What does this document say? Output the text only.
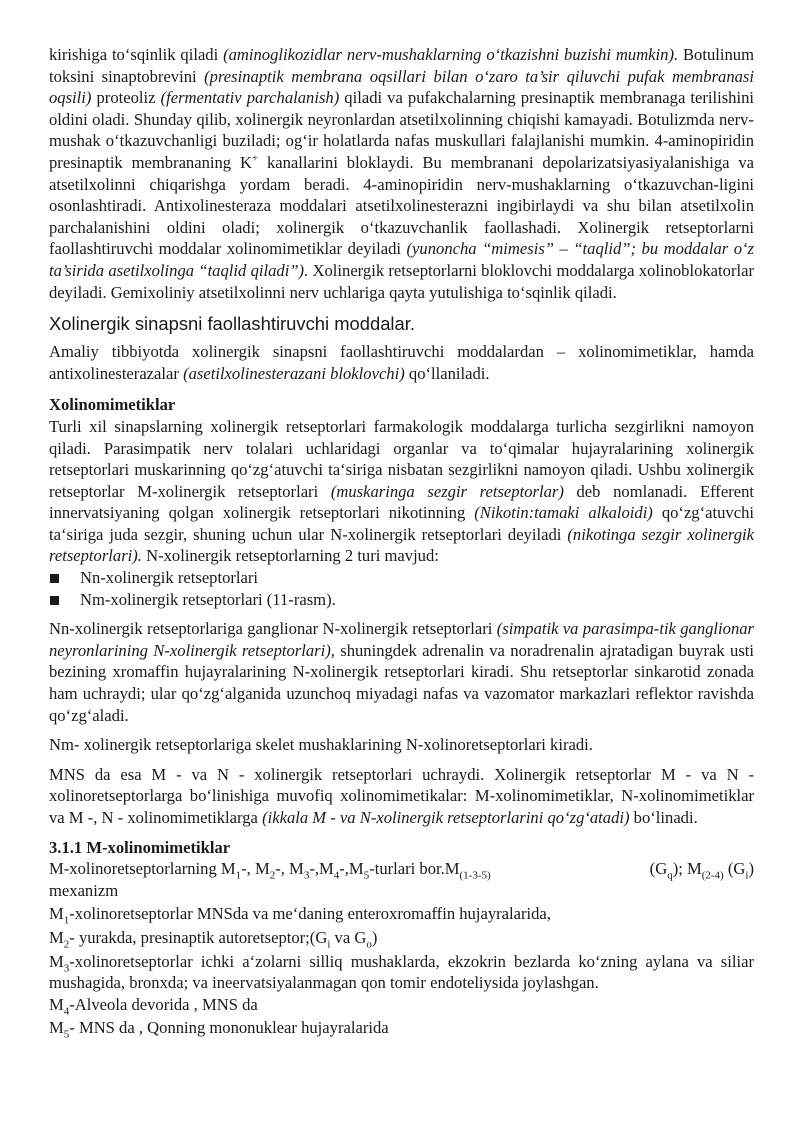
kirishiga to‘sqinlik qiladi (aminoglikozidlar nerv-mushaklarning o‘tkazishni buzishi mumkin). Botulinum toksini sinaptobrevini (presinaptik membrana oqsillari bilan o‘zaro ta’sir qiluvchi pufak membranasi oqsili) proteoliz (fermentativ parchalanish) qiladi va pufakchalarning presinaptik membranaga terilishini oldini oladi. Shunday qilib, xolinergik neyronlardan atsetilxolinning chiqishi kamayadi. Botulizmda nerv-mushak o‘tkazuvchanligi buziladi; og‘ir holatlarda nafas muskullari falajlanishi mumkin. 4-aminopiridin presinaptik membrananing K+ kanallarini bloklaydi. Bu membranani depolarizatsiyasiyalanishiga va atsetilxolinni chiqarishga yordam beradi. 4-aminopiridin nerv-mushaklarning o‘tkazuvchan-ligini osonlashtiradi. Antixolinesteraza moddalari atsetilxolinesterazni ingibirlaydi va shu bilan atsetilxolin parchalanishini oldini oladi; xolinergik o‘tkazuvchanlik faollashadi. Xolinergik retseptorlarni faollashtiruvchi moddalar xolinomimetiklar deyiladi (yunoncha “mimesis” – “taqlid”; bu moddalar o‘z ta’sirida asetilxolinga “taqlid qiladi”). Xolinergik retseptorlarni bloklovchi moddalarga xolinoblokatorlar deyiladi. Gemixoliniy atsetilxolinni nerv uchlariga qayta yutulishiga to‘sqinlik qiladi.

Xolinergik sinapsni faollashtiruvchi moddalar.

Amaliy tibbiyotda xolinergik sinapsni faollashtiruvchi moddalardan – xolinomimetiklar, hamda antixolinesterazalar (asetilxolinesterazani bloklovchi) qo‘llaniladi.

Xolinomimetiklar

Turli xil sinapslarning xolinergik retseptorlari farmakologik moddalarga turlicha sezgirlikni namoyon qiladi. Parasimpatik nerv tolalari uchlaridagi organlar va to‘qimalar hujayralarining xolinergik retseptorlari muskarinning qo‘zg‘atuvchi ta‘siriga nisbatan sezgirlikni namoyon qiladi. Ushbu xolinergik retseptorlar M-xolinergik retseptorlari (muskaringa sezgir retseptorlar) deb nomlanadi. Efferent innervatsiyaning qolgan xolinergik retseptorlari nikotinning (Nikotin:tamaki alkaloidi) qo‘zg‘atuvchi ta‘siriga juda sezgir, shuning uchun ular N-xolinergik retseptorlari deyiladi (nikotinga sezgir xolinergik retseptorlari). N-xolinergik retseptorlarning 2 turi mavjud:

Nn-xolinergik retseptorlari
Nm-xolinergik retseptorlari (11-rasm).

Nn-xolinergik retseptorlariga ganglionar N-xolinergik retseptorlari (simpatik va parasimpa-tik ganglionar neyronlarining N-xolinergik retseptorlari), shuningdek adrenalin va noradrenalin ajratadigan buyrak usti bezining xromaffin hujayralarining N-xolinergik retseptorlari kiradi. Shu retseptorlar sinkarotid zonada ham uchraydi; ular qo‘zg‘alganida uzunchoq miyadagi nafas va vazomator markazlari reflektor ravishda qo‘zg‘aladi.

Nm- xolinergik retseptorlariga skelet mushaklarining N-xolinoretseptorlari kiradi.

MNS da esa M - va N - xolinergik retseptorlari uchraydi. Xolinergik retseptorlar M - va N - xolinoretseptorlarga bo‘linishiga muvofiq xolinomimetikalar: M-xolinomimetiklar, N-xolinomimetiklar va M -, N - xolinomimetiklarga (ikkala M - va N-xolinergik retseptorlarini qo‘zg‘atadi) bo‘linadi.

3.1.1 M-xolinomimetiklar

M-xolinoretseptorlarning $M_1-$, $M_2-$, $M_3-,M_4-,M_5$-turlari $bor.M_{(1-3-5)}$	$(G_q)$; $M_{(2-4)}$ $(G_i)$
mexanizm

$M_1$-xolinoretseptorlar MNSda va me‘daning enteroxromaffin hujayralarida,

$M_2-$ yurakda, presinaptik $autoretseptor;(G_i$ va $G_o$)

$M_3$-xolinoretseptorlar ichki a‘zolarni silliq mushaklarda, ekzokrin bezlarda ko‘zning aylana va siliar mushagida, bronxda; va ineervatsiyalanmagan qon tomir endoteliysida joylashgan.

$M_4$-Alveola devorida , MNS da

$M_5-$ MNS da , Qonning mononuklear hujayralarida
